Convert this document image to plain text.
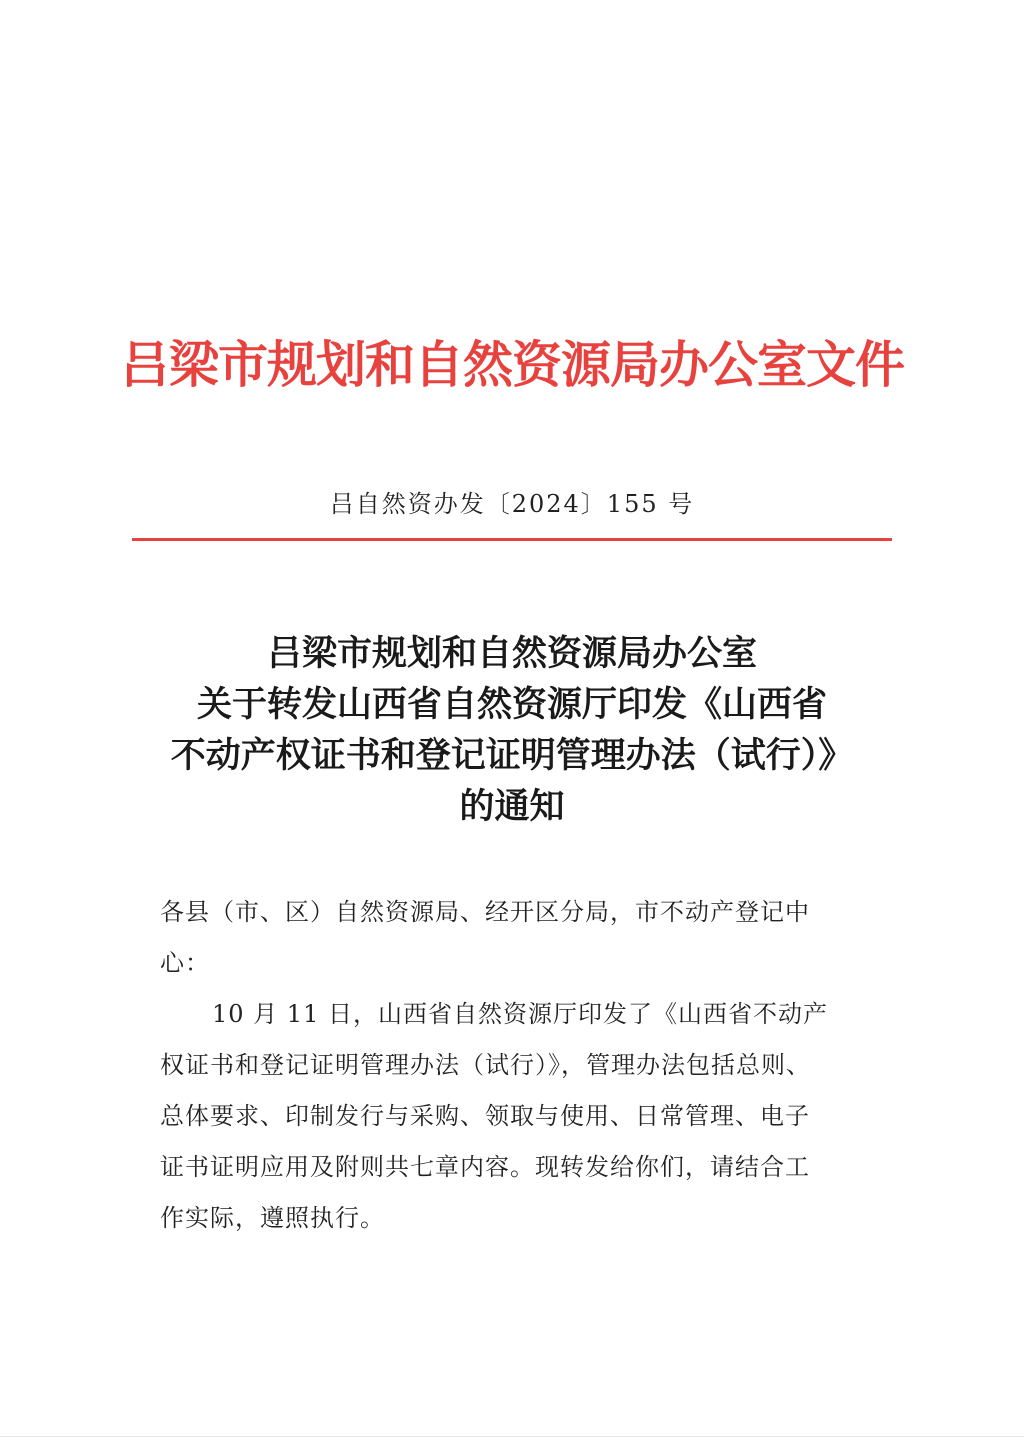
吕梁市规划和自然资源局办公室文件
吕自然资办发〔2024〕155 号
吕梁市规划和自然资源局办公室
关于转发山西省自然资源厅印发《山西省
不动产权证书和登记证明管理办法（试行）》
的通知
各县（市、区）自然资源局、经开区分局，市不动产登记中
心：
10 月 11 日，山西省自然资源厅印发了《山西省不动产
权证书和登记证明管理办法（试行）》，管理办法包括总则、
总体要求、印制发行与采购、领取与使用、日常管理、电子
证书证明应用及附则共七章内容。现转发给你们，请结合工
作实际，遵照执行。
